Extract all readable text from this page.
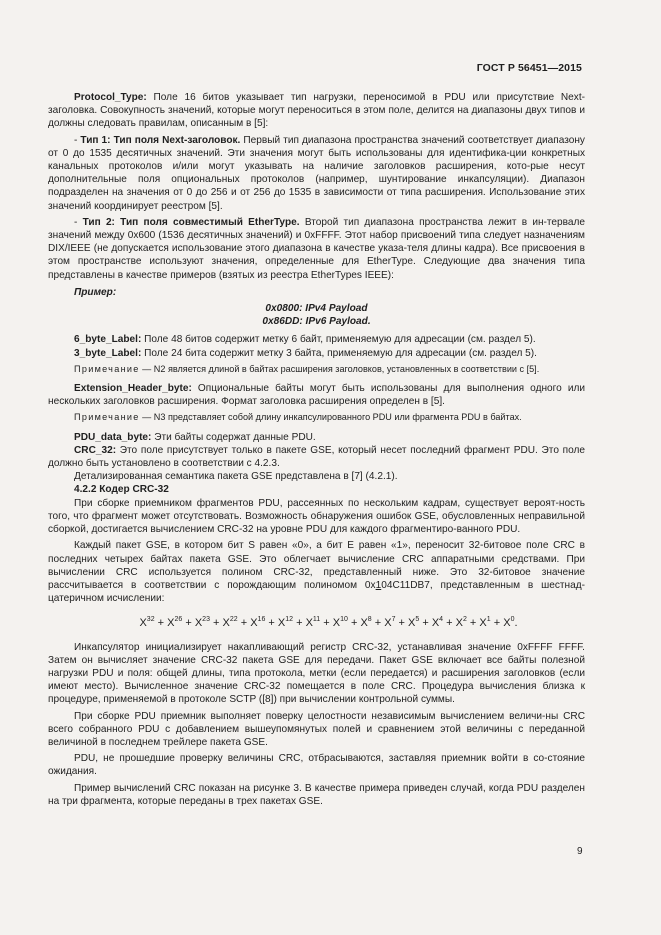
ГОСТ Р 56451—2015

Protocol_Type: Поле 16 битов указывает тип нагрузки, переносимой в PDU или присутствие Next-заголовка. Совокупность значений, которые могут переноситься в этом поле, делится на диапазоны двух типов и должны следовать правилам, описанным в [5]:

- Тип 1: Тип поля Next-заголовок. Первый тип диапазона пространства значений соответствует диапазону от 0 до 1535 десятичных значений. Эти значения могут быть использованы для идентифика-ции конкретных канальных протоколов и/или могут указывать на наличие заголовков расширения, кото-рые несут дополнительные поля опциональных протоколов (например, шунтирование инкапсуляции). Диапазон подразделен на значения от 0 до 256 и от 256 до 1535 в зависимости от типа расширения. Использование этих значений координирует реестром [5].

- Тип 2: Тип поля совместимый EtherType. Второй тип диапазона пространства лежит в ин-тервале значений между 0x600 (1536 десятичных значений) и 0xFFFF. Этот набор присвоений типа следует назначениям DIX/IEEE (не допускается использование этого диапазона в качестве указа-теля длины кадра). Все присвоения в этом пространстве используют значения, определенные для EtherType. Следующие два значения типа представлены в качестве примеров (взятых из реестра EtherTypes IEEE):

Пример:

0x0800: IPv4 Payload

0x86DD: IPv6 Payload.

6_byte_Label: Поле 48 битов содержит метку 6 байт, применяемую для адресации (см. раздел 5).

3_byte_Label: Поле 24 бита содержит метку 3 байта, применяемую для адресации (см. раздел 5).

Примечание — N2 является длиной в байтах расширения заголовков, установленных в соответствии с [5].

Extension_Header_byte: Опциональные байты могут быть использованы для выполнения одного или нескольких заголовков расширения. Формат заголовка расширения определен в [5].

Примечание — N3 представляет собой длину инкапсулированного PDU или фрагмента PDU в байтах.

PDU_data_byte: Эти байты содержат данные PDU.

CRC_32: Это поле присутствует только в пакете GSE, который несет последний фрагмент PDU. Это поле должно быть установлено в соответствии с 4.2.3.

Детализированная семантика пакета GSE представлена в [7] (4.2.1).

4.2.2 Кодер CRC-32

При сборке приемником фрагментов PDU, рассеянных по нескольким кадрам, существует вероят-ность того, что фрагмент может отсутствовать. Возможность обнаружения ошибок GSE, обусловленных неправильной сборкой, достигается вычислением CRC-32 на уровне PDU для каждого фрагментиро-ванного PDU.

Каждый пакет GSE, в котором бит S равен «0», а бит E равен «1», переносит 32-битовое поле CRC в последних четырех байтах пакета GSE. Это облегчает вычисление CRC аппаратными средствами. При вычислении CRC используется полином CRC-32, представленный ниже. Это 32-битовое значение рассчитывается в соответствии с порождающим полиномом 0x104C11DB7, представленным в шестнад-цатеричном исчислении:

$X^{32} + X^{26} + X^{23} + X^{22} + X^{16} + X^{12} + X^{11} + X^{10} + X^8 + X^7 + X^5 + X^4 + X^2 + X^1 + X^0$.

Инкапсулятор инициализирует накапливающий регистр CRC-32, устанавливая значение 0xFFFF FFFF. Затем он вычисляет значение CRC-32 пакета GSE для передачи. Пакет GSE включает все байты полезной нагрузки PDU и поля: общей длины, типа протокола, метки (если передается) и расширения заголовков (если имеют место). Вычисленное значение CRC-32 помещается в поле CRC. Процедура вычисления близка к процедуре, применяемой в протоколе SCTP ([8]) при вычислении контрольной суммы.

При сборке PDU приемник выполняет поверку целостности независимым вычислением величи-ны CRC всего собранного PDU с добавлением вышеупомянутых полей и сравнением этой величины с переданной величиной в последнем трейлере пакета GSE.

PDU, не прошедшие проверку величины CRC, отбрасываются, заставляя приемник войти в со-стояние ожидания.

Пример вычислений CRC показан на рисунке 3. В качестве примера приведен случай, когда PDU разделен на три фрагмента, которые переданы в трех пакетах GSE.

9
